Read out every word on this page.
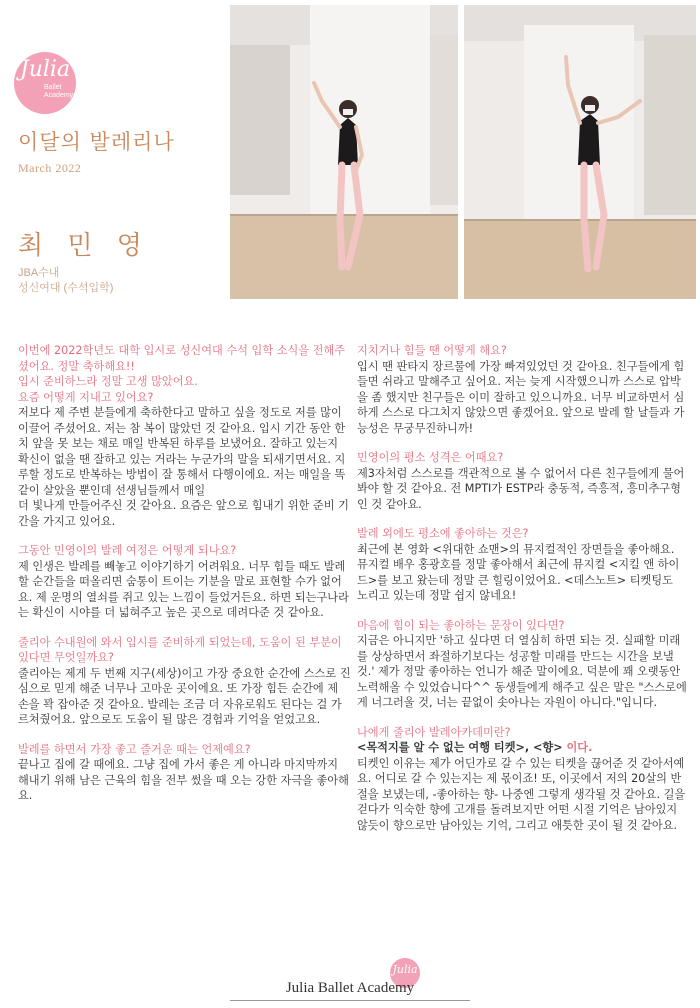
Julia
Ballet
Academy
이달의 발레리나
March 2022
최 민 영
JBA수내
성신여대 (수석입학)

이번에 2022학년도 대학 입시로 성신여대 수석 입학 소식을 전해주셨어요. 정말 축하해요!!

입시 준비하느라 정말 고생 많았어요.

요즘 어떻게 지내고 있어요?

저보다 제 주변 분들에게 축하한다고 말하고 싶을 정도로 저를 많이 이끌어 주셨어요. 저는 참 복이 많았던 것 같아요. 입시 기간 동안 한 치 앞을 못 보는 채로 매일 반복된 하루를 보냈어요. 잘하고 있는지 확신이 없을 땐 잘하고 있는 거라는 누군가의 말을 되새기면서요. 지루할 정도로 반복하는 방법이 잘 통해서 다행이에요. 저는 매일을 똑같이 살았을 뿐인데 선생님들께서 매일
더 빛나게 만들어주신 것 같아요. 요즘은 앞으로 힘내기 위한 준비 기간을 가지고 있어요.

그동안 민영이의 발레 여정은 어떻게 되나요?

제 인생은 발레를 빼놓고 이야기하기 어려워요. 너무 힘들 때도 발레 할 순간들을 떠올리면 숨통이 트이는 기분을 말로 표현할 수가 없어요. 제 운명의 열쇠를 쥐고 있는 느낌이 들었거든요. 하면 되는구나라는 확신이 시야를 더 넓혀주고 높은 곳으로 데려다준 것 같아요.

줄리아 수내원에 와서 입시를 준비하게 되었는데, 도움이 된 부분이 있다면 무엇일까요?

줄리아는 제게 두 번째 지구(세상)이고 가장 중요한 순간에 스스로 진심으로 믿게 해준 너무나 고마운 곳이에요. 또 가장 힘든 순간에 제 손을 꽉 잡아준 것 같아요. 발레는 조금 더 자유로워도 된다는 걸 가르쳐줬어요. 앞으로도 도움이 될 많은 경험과 기억을 얻었고요.

발레를 하면서 가장 좋고 즐거운 때는 언제예요?

끝나고 집에 갈 때에요. 그냥 집에 가서 좋은 게 아니라 마지막까지 해내기 위해 남은 근육의 힘을 전부 썼을 때 오는 강한 자극을 좋아해요.

지치거나 힘들 땐 어떻게 해요?

입시 땐 판타지 장르물에 가장 빠져있었던 것 같아요. 친구들에게 힘들면 쉬라고 말해주고 싶어요. 저는 늦게 시작했으니까 스스로 압박을 좀 했지만 친구들은 이미 잘하고 있으니까요. 너무 비교하면서 심하게 스스로 다그치지 않았으면 좋겠어요. 앞으로 발레 할 날들과 가능성은 무궁무진하니까!

민영이의 평소 성격은 어때요?

제3자처럼 스스로를 객관적으로 볼 수 없어서 다른 친구들에게 물어봐야 할 것 같아요. 전 MPTI가 ESTP라 충동적, 즉흥적, 흥미추구형인 것 같아요.

발레 외에도 평소에 좋아하는 것은?

최근에 본 영화 <위대한 쇼맨>의 뮤지컬적인 장면들을 좋아해요. 뮤지컬 배우 홍광호를 정말 좋아해서 최근에 뮤지컬 <지킬 앤 하이드>를 보고 왔는데 정말 큰 힐링이었어요. <데스노트> 티켓팅도 노리고 있는데 정말 쉽지 않네요!

마음에 힘이 되는 좋아하는 문장이 있다면?

지금은 아니지만 '하고 싶다면 더 열심히 하면 되는 것. 실패할 미래를 상상하면서 좌절하기보다는 성공할 미래를 만드는 시간을 보낼 것.' 제가 정말 좋아하는 언니가 해준 말이에요. 덕분에 꽤 오랫동안 노력해올 수 있었습니다^^ 동생들에게 해주고 싶은 말은 "스스로에게 너그러울 것, 너는 끝없이 솟아나는 자원이 아니다."입니다.

나에게 줄리아 발레아카데미란?

<목적지를 알 수 없는 여행 티켓>, <향> 이다.

티켓인 이유는 제가 어딘가로 갈 수 있는 티켓을 끊어준 것 같아서예요. 어디로 갈 수 있는지는 제 몫이죠! 또, 이곳에서 저의 20살의 반절을 보냈는데, -좋아하는 향- 나중엔 그렇게 생각될 것 같아요. 길을 걷다가 익숙한 향에 고개를 돌려보지만 어떤 시절 기억은 남아있지 않듯이 향으로만 남아있는 기억, 그리고 애틋한 곳이 될 것 같아요.

Julia
Julia Ballet Academy
